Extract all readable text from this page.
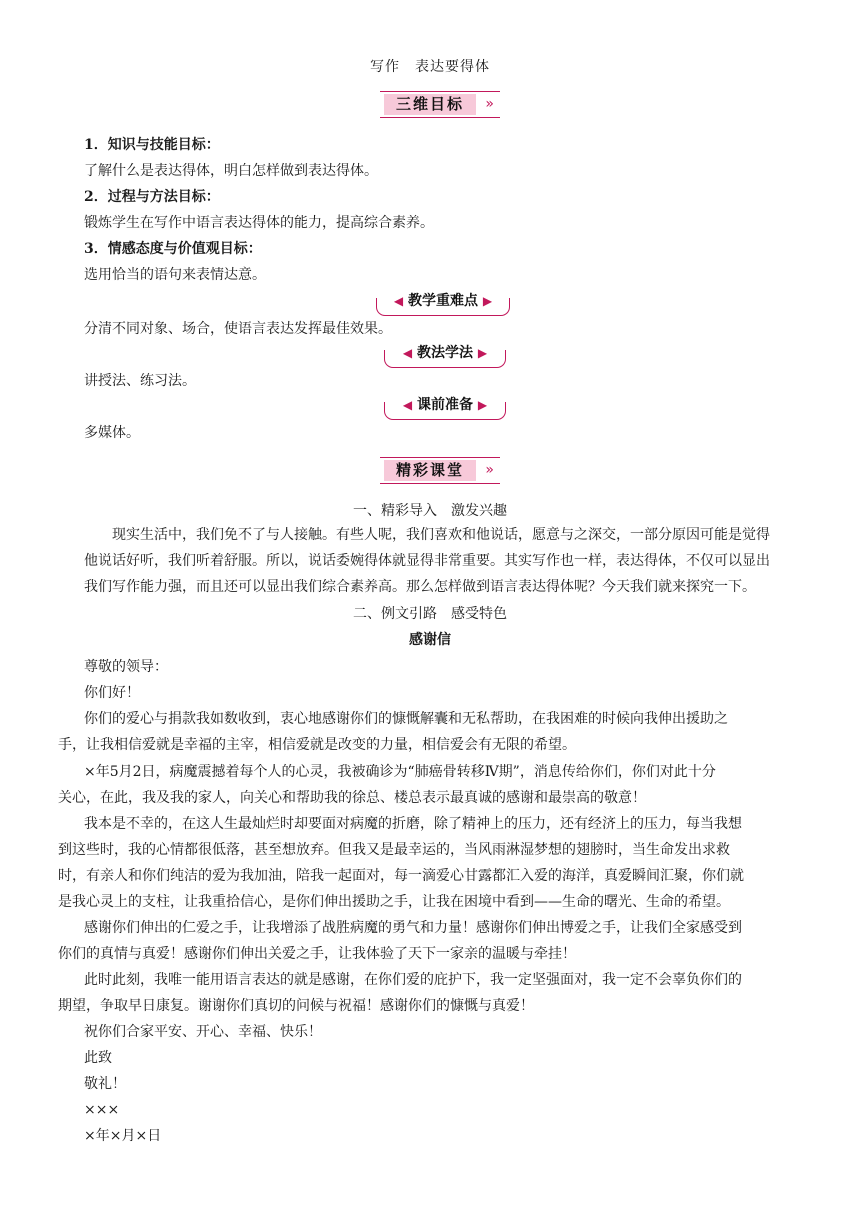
写作　表达要得体
三维目标	»
1．知识与技能目标：
了解什么是表达得体，明白怎样做到表达得体。
2．过程与方法目标：
锻炼学生在写作中语言表达得体的能力，提高综合素养。
3．情感态度与价值观目标：
选用恰当的语句来表情达意。
◀ 教学重难点 ▶
分清不同对象、场合，使语言表达发挥最佳效果。
◀ 教法学法 ▶
讲授法、练习法。
◀ 课前准备 ▶
多媒体。
精彩课堂	»
一、精彩导入　激发兴趣
现实生活中，我们免不了与人接触。有些人呢，我们喜欢和他说话，愿意与之深交，一部分原因可能是觉得
他说话好听，我们听着舒服。所以，说话委婉得体就显得非常重要。其实写作也一样，表达得体，不仅可以显出
我们写作能力强，而且还可以显出我们综合素养高。那么怎样做到语言表达得体呢？今天我们就来探究一下。
二、例文引路　感受特色
感谢信
尊敬的领导：
你们好！
你们的爱心与捐款我如数收到，衷心地感谢你们的慷慨解囊和无私帮助，在我困难的时候向我伸出援助之
手，让我相信爱就是幸福的主宰，相信爱就是改变的力量，相信爱会有无限的希望。
×年5月2日，病魔震撼着每个人的心灵，我被确诊为“肺癌骨转移Ⅳ期”，消息传给你们，你们对此十分
关心，在此，我及我的家人，向关心和帮助我的徐总、楼总表示最真诚的感谢和最崇高的敬意！
我本是不幸的，在这人生最灿烂时却要面对病魔的折磨，除了精神上的压力，还有经济上的压力，每当我想
到这些时，我的心情都很低落，甚至想放弃。但我又是最幸运的，当风雨淋湿梦想的翅膀时，当生命发出求救
时，有亲人和你们纯洁的爱为我加油，陪我一起面对，每一滴爱心甘露都汇入爱的海洋，真爱瞬间汇聚，你们就
是我心灵上的支柱，让我重拾信心，是你们伸出援助之手，让我在困境中看到——生命的曙光、生命的希望。
感谢你们伸出的仁爱之手，让我增添了战胜病魔的勇气和力量！感谢你们伸出博爱之手，让我们全家感受到
你们的真情与真爱！感谢你们伸出关爱之手，让我体验了天下一家亲的温暖与牵挂！
此时此刻，我唯一能用语言表达的就是感谢，在你们爱的庇护下，我一定坚强面对，我一定不会辜负你们的
期望，争取早日康复。谢谢你们真切的问候与祝福！感谢你们的慷慨与真爱！
祝你们合家平安、开心、幸福、快乐！
此致
敬礼！
×××
×年×月×日
